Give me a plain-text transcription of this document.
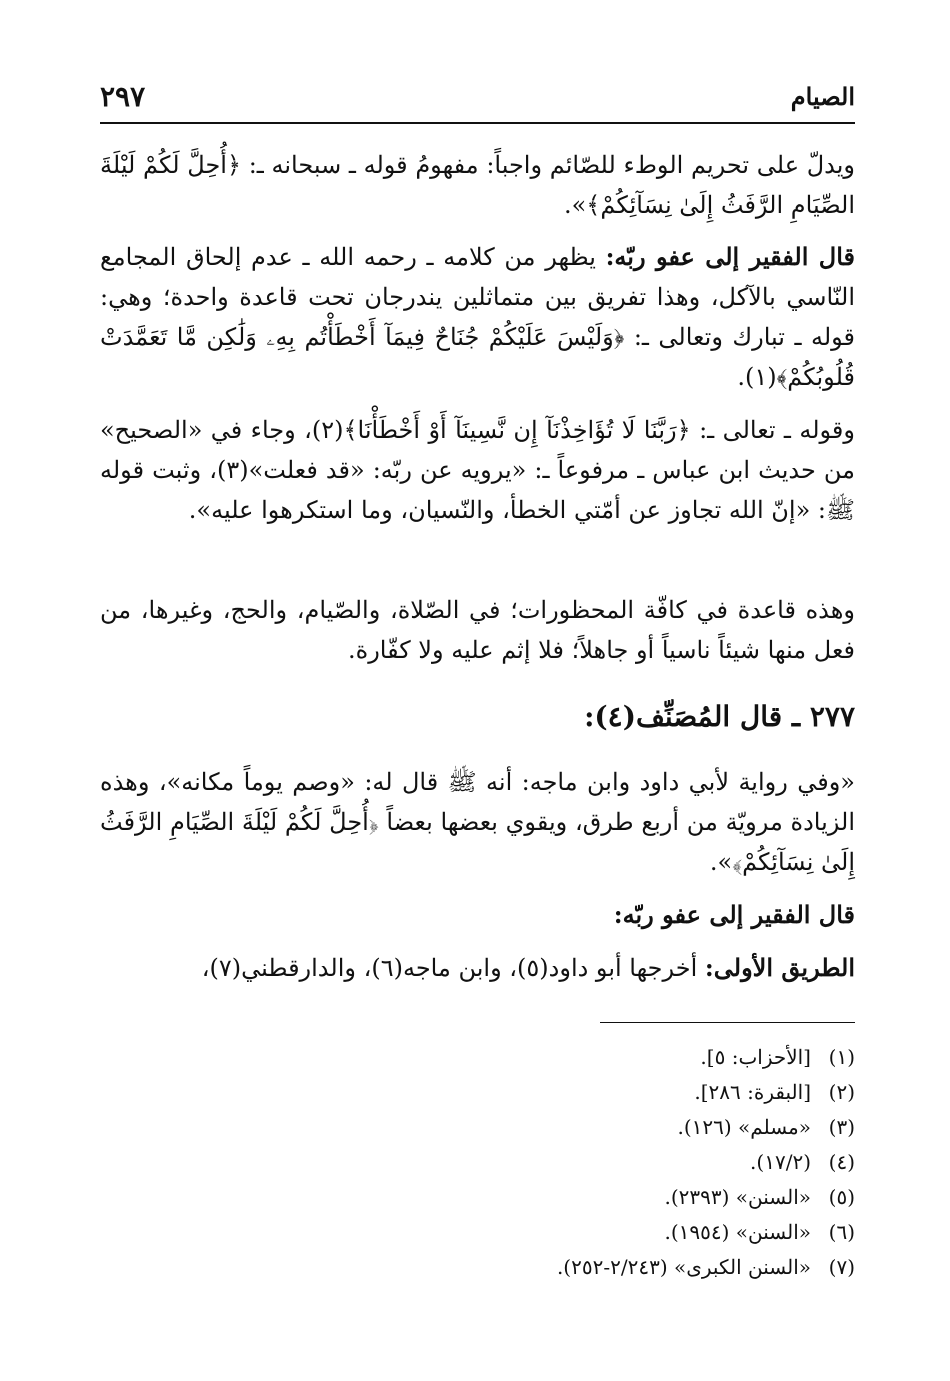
الصيام
٢٩٧
ويدلّ على تحريم الوطء للصّائم واجباً: مفهومُ قوله ـ سبحانه ـ: ﴿أُحِلَّ لَكُمْ لَيْلَةَ الصِّيَامِ الرَّفَثُ إِلَىٰ نِسَآئِكُمْ﴾».
قال الفقير إلى عفو ربّه: يظهر من كلامه ـ رحمه الله ـ عدم إلحاق المجامع النّاسي بالآكل، وهذا تفريق بين متماثلين يندرجان تحت قاعدة واحدة؛ وهي: قوله ـ تبارك وتعالى ـ: ﴿وَلَيْسَ عَلَيْكُمْ جُنَاحٌ فِيمَآ أَخْطَأْتُم بِهِۦ وَلَٰكِن مَّا تَعَمَّدَتْ قُلُوبُكُمْ﴾(١).
وقوله ـ تعالى ـ: ﴿رَبَّنَا لَا تُؤَاخِذْنَآ إِن نَّسِينَآ أَوْ أَخْطَأْنَا﴾(٢)، وجاء في «الصحيح» من حديث ابن عباس ـ مرفوعاً ـ: «يرويه عن ربّه: «قد فعلت»(٣)، وثبت قوله ﷺ: «إنّ الله تجاوز عن أمّتي الخطأ، والنّسيان، وما استكرهوا عليه».
وهذه قاعدة في كافّة المحظورات؛ في الصّلاة، والصّيام، والحج، وغيرها، من فعل منها شيئاً ناسياً أو جاهلاً؛ فلا إثم عليه ولا كفّارة.
٢٧٧ ـ قال المُصَنِّف(٤):
«وفي رواية لأبي داود وابن ماجه: أنه ﷺ قال له: «وصم يوماً مكانه»، وهذه الزيادة مرويّة من أربع طرق، ويقوي بعضها بعضاً ﴿أُحِلَّ لَكُمْ لَيْلَةَ الصِّيَامِ الرَّفَثُ إِلَىٰ نِسَآئِكُمْ﴾».
قال الفقير إلى عفو ربّه:
الطريق الأولى: أخرجها أبو داود(٥)، وابن ماجه(٦)، والدارقطني(٧)،
(١)[الأحزاب: ٥].
(٢)[البقرة: ٢٨٦].
(٣)«مسلم» (١٢٦).
(٤)(١٧/٢).
(٥)«السنن» (٢٣٩٣).
(٦)«السنن» (١٩٥٤).
(٧)«السنن الكبرى» (٢/٢٤٣-٢٥٢).
